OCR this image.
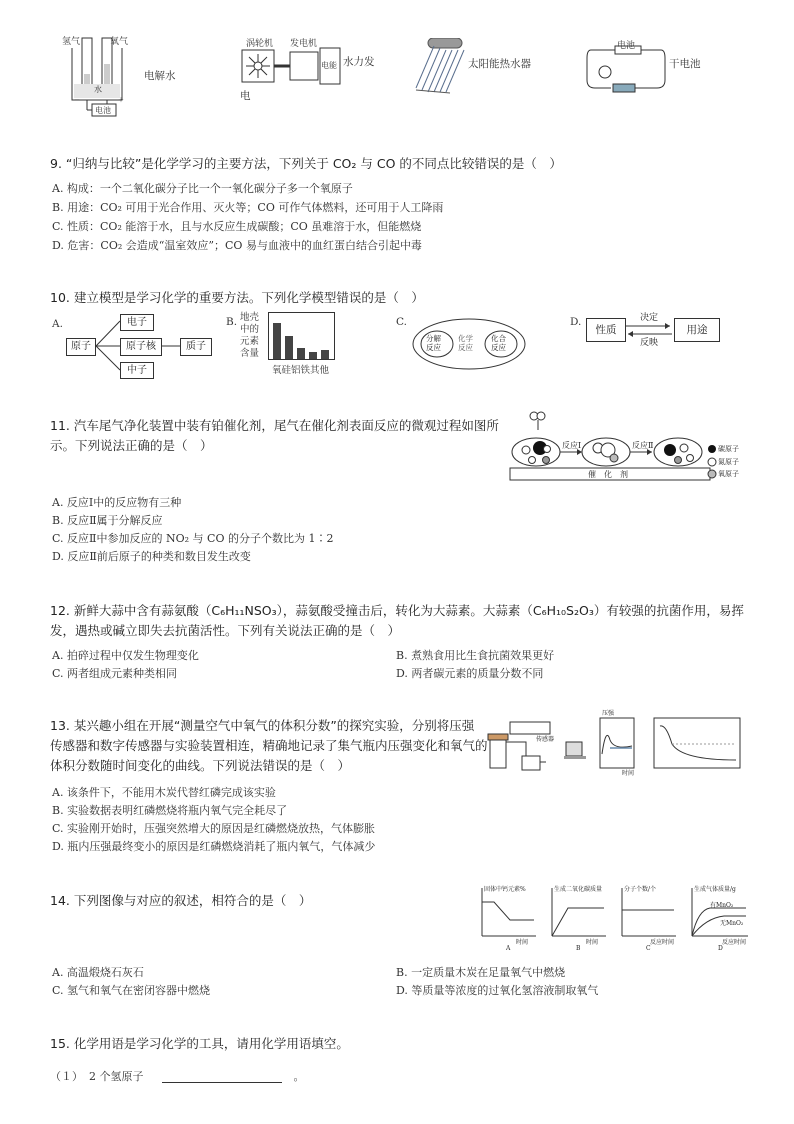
－	＋
氢气	氧气
水
电池
电解水
涡轮机 发电机
电能 水力发
电
太阳能热水器
电池
干电池
9. “归纳与比较”是化学学习的主要方法，下列关于 CO₂ 与 CO 的不同点比较错误的是（　）
A. 构成：一个二氧化碳分子比一个一氧化碳分子多一个氧原子
B. 用途：CO₂ 可用于光合作用、灭火等；CO 可作气体燃料，还可用于人工降雨
C. 性质：CO₂ 能溶于水，且与水反应生成碳酸；CO 虽难溶于水，但能燃烧
D. 危害：CO₂ 会造成“温室效应”；CO 易与血液中的血红蛋白结合引起中毒
10. 建立模型是学习化学的重要方法。下列化学模型错误的是（　）
A.
原子
电子
原子核	质子
中子
B. 地壳
中的
元素
含量
氧硅铝铁其他
C.
分解
反应
化学
反应
化合
反应
D.
性质	用途
决定
反映
11. 汽车尾气净化装置中装有铂催化剂，尾气在催化剂表面反应的微观过程如图所
示。下列说法正确的是（　）	反应Ⅰ	反应Ⅱ
催　化　剂
碳原子
氮原子
氧原子
A. 反应Ⅰ中的反应物有三种
B. 反应Ⅱ属于分解反应
C. 反应Ⅱ中参加反应的 NO₂ 与 CO 的分子个数比为 1∶2
D. 反应Ⅱ前后原子的种类和数目发生改变
12. 新鲜大蒜中含有蒜氨酸（C₆H₁₁NSO₃），蒜氨酸受撞击后，转化为大蒜素。大蒜素（C₆H₁₀S₂O₃）有较强的抗菌作用，易挥
发，遇热或碱立即失去抗菌活性。下列有关说法正确的是（　）
A. 拍碎过程中仅发生物理变化	B. 煮熟食用比生食抗菌效果更好
C. 两者组成元素种类相同	D. 两者碳元素的质量分数不同
13. 某兴趣小组在开展“测量空气中氧气的体积分数”的探究实验，分别将压强
传感器和数字传感器与实验装置相连，精确地记录了集气瓶内压强变化和氧气的
体积分数随时间变化的曲线。下列说法错误的是（　）
传感器
压强
时间
A. 该条件下，不能用木炭代替红磷完成该实验
B. 实验数据表明红磷燃烧将瓶内氧气完全耗尽了
C. 实验刚开始时，压强突然增大的原因是红磷燃烧放热，气体膨胀
D. 瓶内压强最终变小的原因是红磷燃烧消耗了瓶内氧气，气体减少
14. 下列图像与对应的叙述，相符合的是（　）
固体中钙元素%
时间
A
生成二氧化碳质量
时间
B
分子个数/个
反应时间
C
生成气体质量/g
有MnO₂
无MnO₂
反应时间
D
A. 高温煅烧石灰石	B. 一定质量木炭在足量氧气中燃烧
C. 氢气和氧气在密闭容器中燃烧	D. 等质量等浓度的过氧化氢溶液制取氧气
15. 化学用语是学习化学的工具，请用化学用语填空。
（１） 2 个氢原子	。
